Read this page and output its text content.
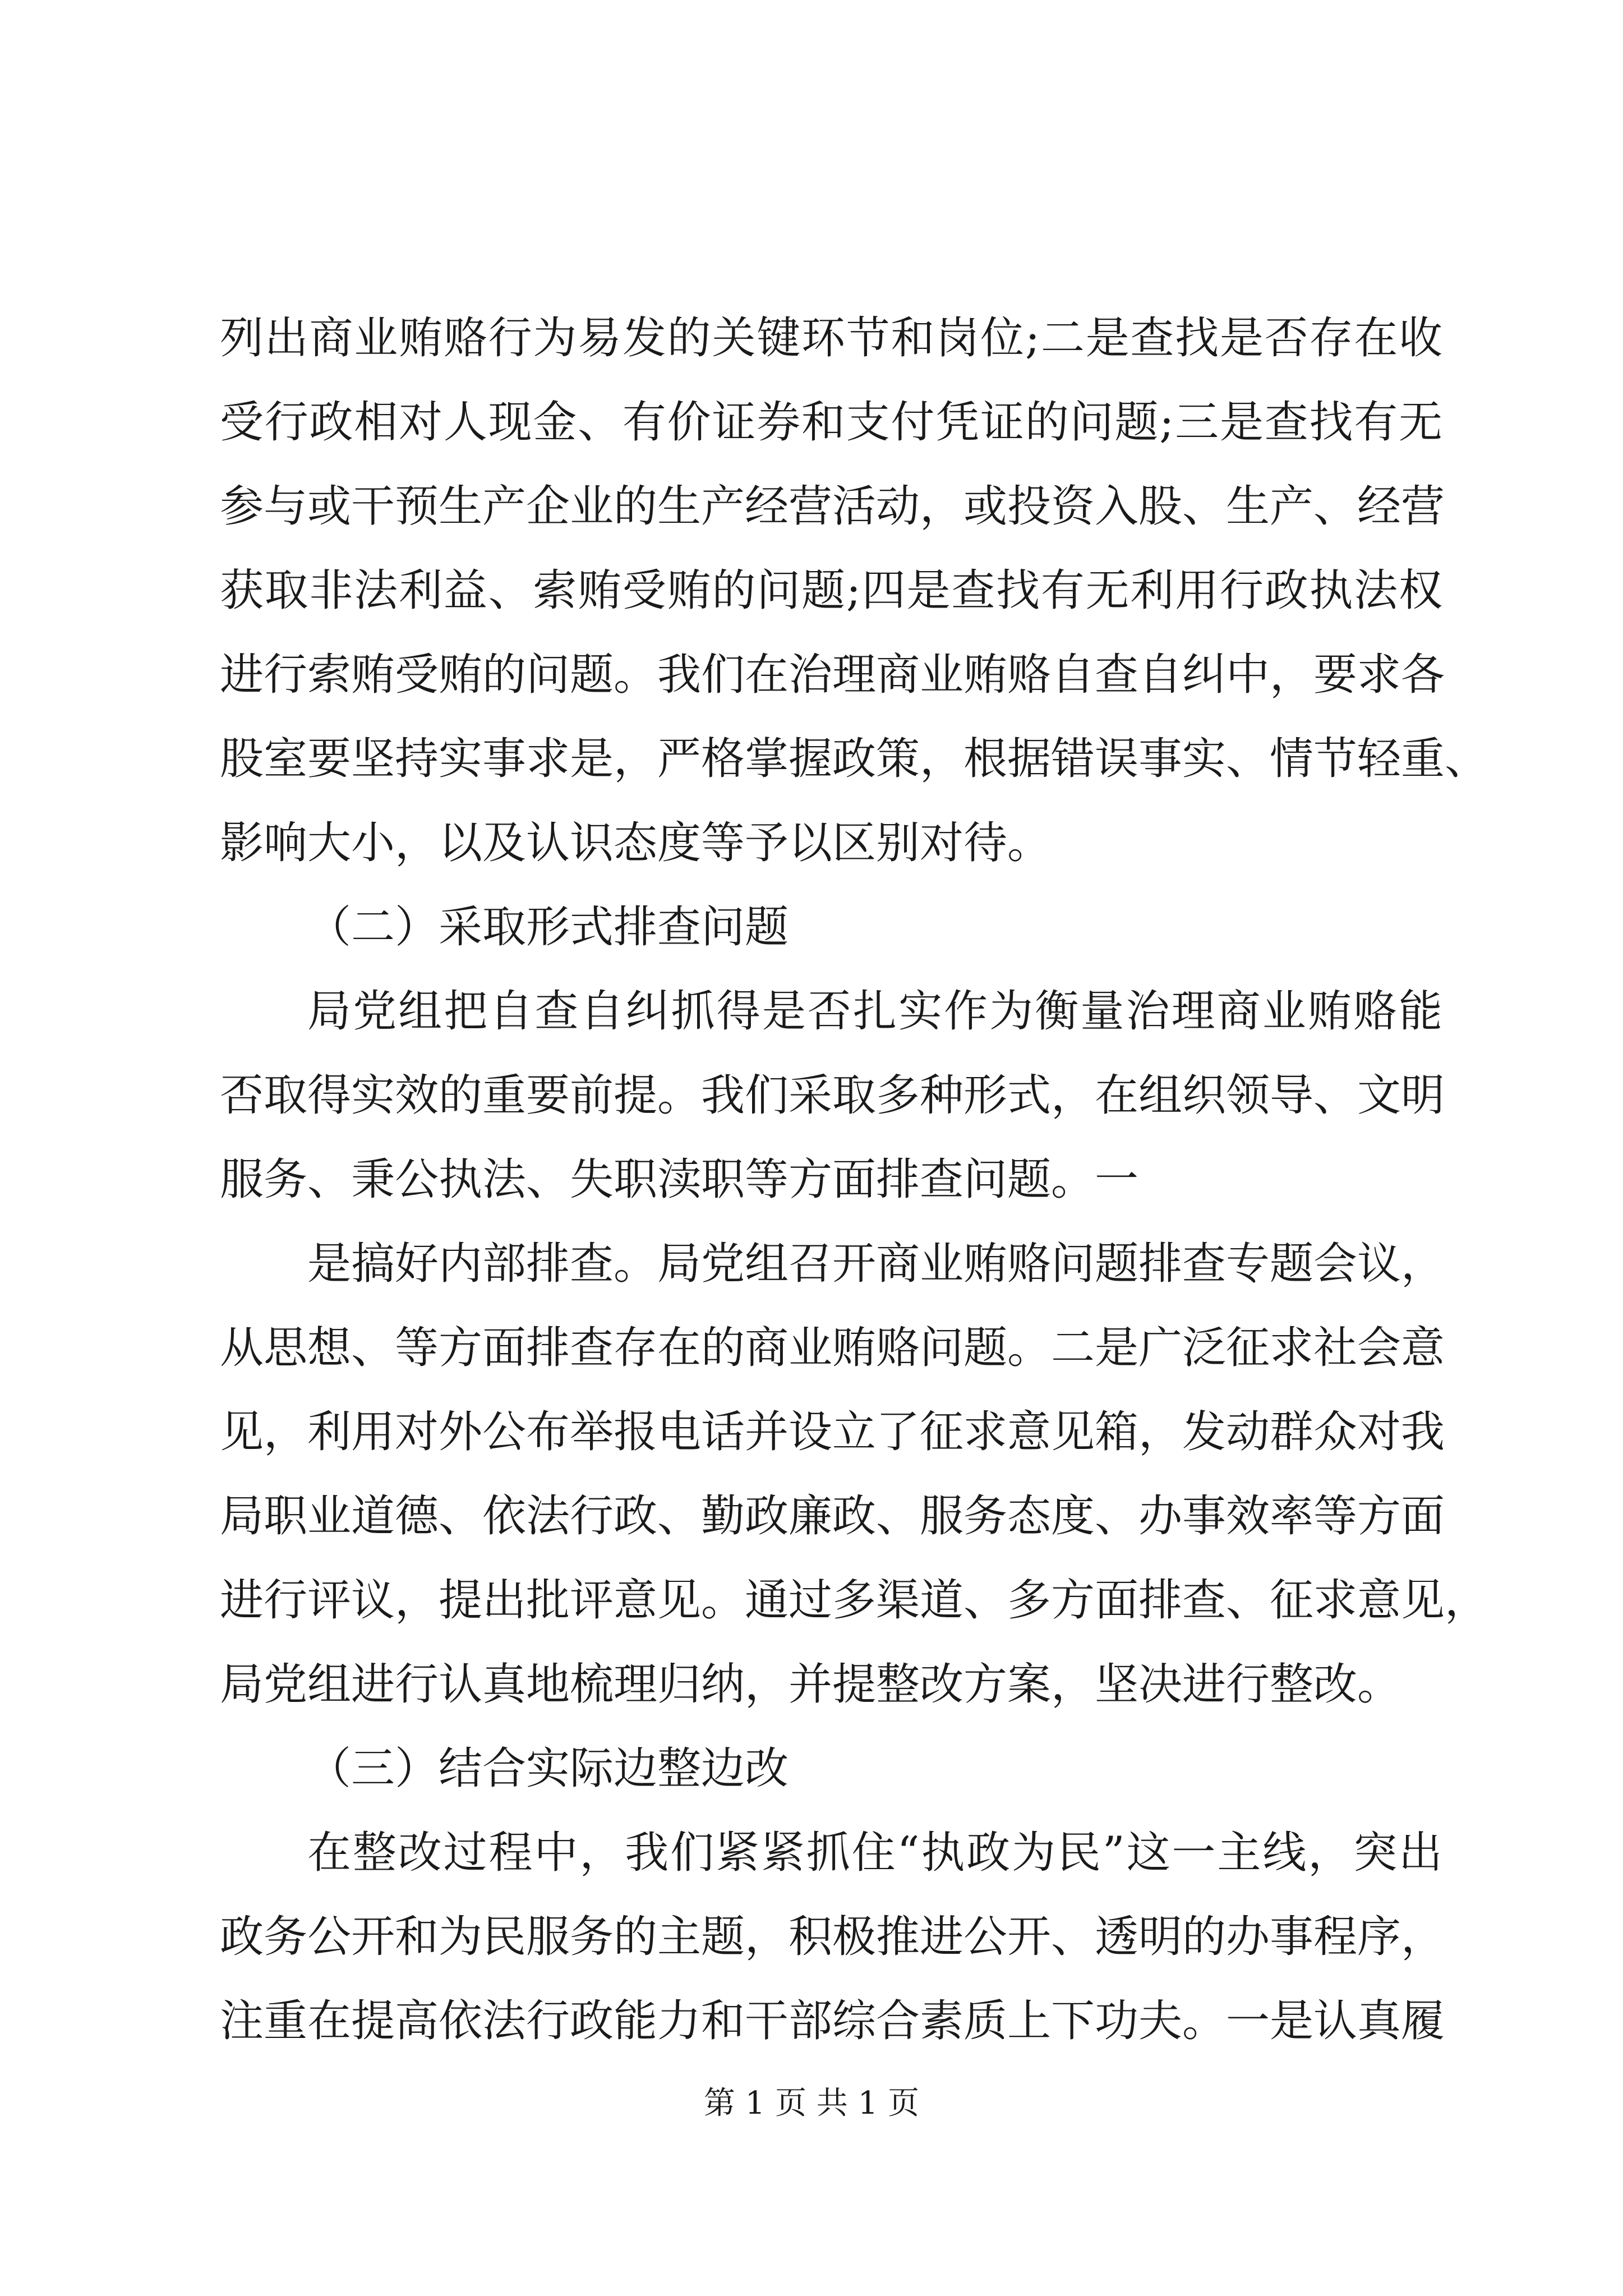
列出商业贿赂行为易发的关键环节和岗位;二是查找是否存在收
受行政相对人现金、有价证券和支付凭证的问题;三是查找有无
参与或干预生产企业的生产经营活动，或投资入股、生产、经营
获取非法利益、索贿受贿的问题;四是查找有无利用行政执法权
进行索贿受贿的问题。我们在治理商业贿赂自查自纠中，要求各
股室要坚持实事求是，严格掌握政策，根据错误事实、情节轻重、
影响大小，以及认识态度等予以区别对待。
（二）采取形式排查问题
局党组把自查自纠抓得是否扎实作为衡量治理商业贿赂能
否取得实效的重要前提。我们采取多种形式，在组织领导、文明
服务、秉公执法、失职渎职等方面排查问题。一
是搞好内部排查。局党组召开商业贿赂问题排查专题会议，
从思想、等方面排查存在的商业贿赂问题。二是广泛征求社会意
见，利用对外公布举报电话并设立了征求意见箱，发动群众对我
局职业道德、依法行政、勤政廉政、服务态度、办事效率等方面
进行评议，提出批评意见。通过多渠道、多方面排查、征求意见，
局党组进行认真地梳理归纳，并提整改方案，坚决进行整改。
（三）结合实际边整边改
在整改过程中，我们紧紧抓住“执政为民”这一主线，突出
政务公开和为民服务的主题，积极推进公开、透明的办事程序，
注重在提高依法行政能力和干部综合素质上下功夫。一是认真履
第 1 页 共 1 页
